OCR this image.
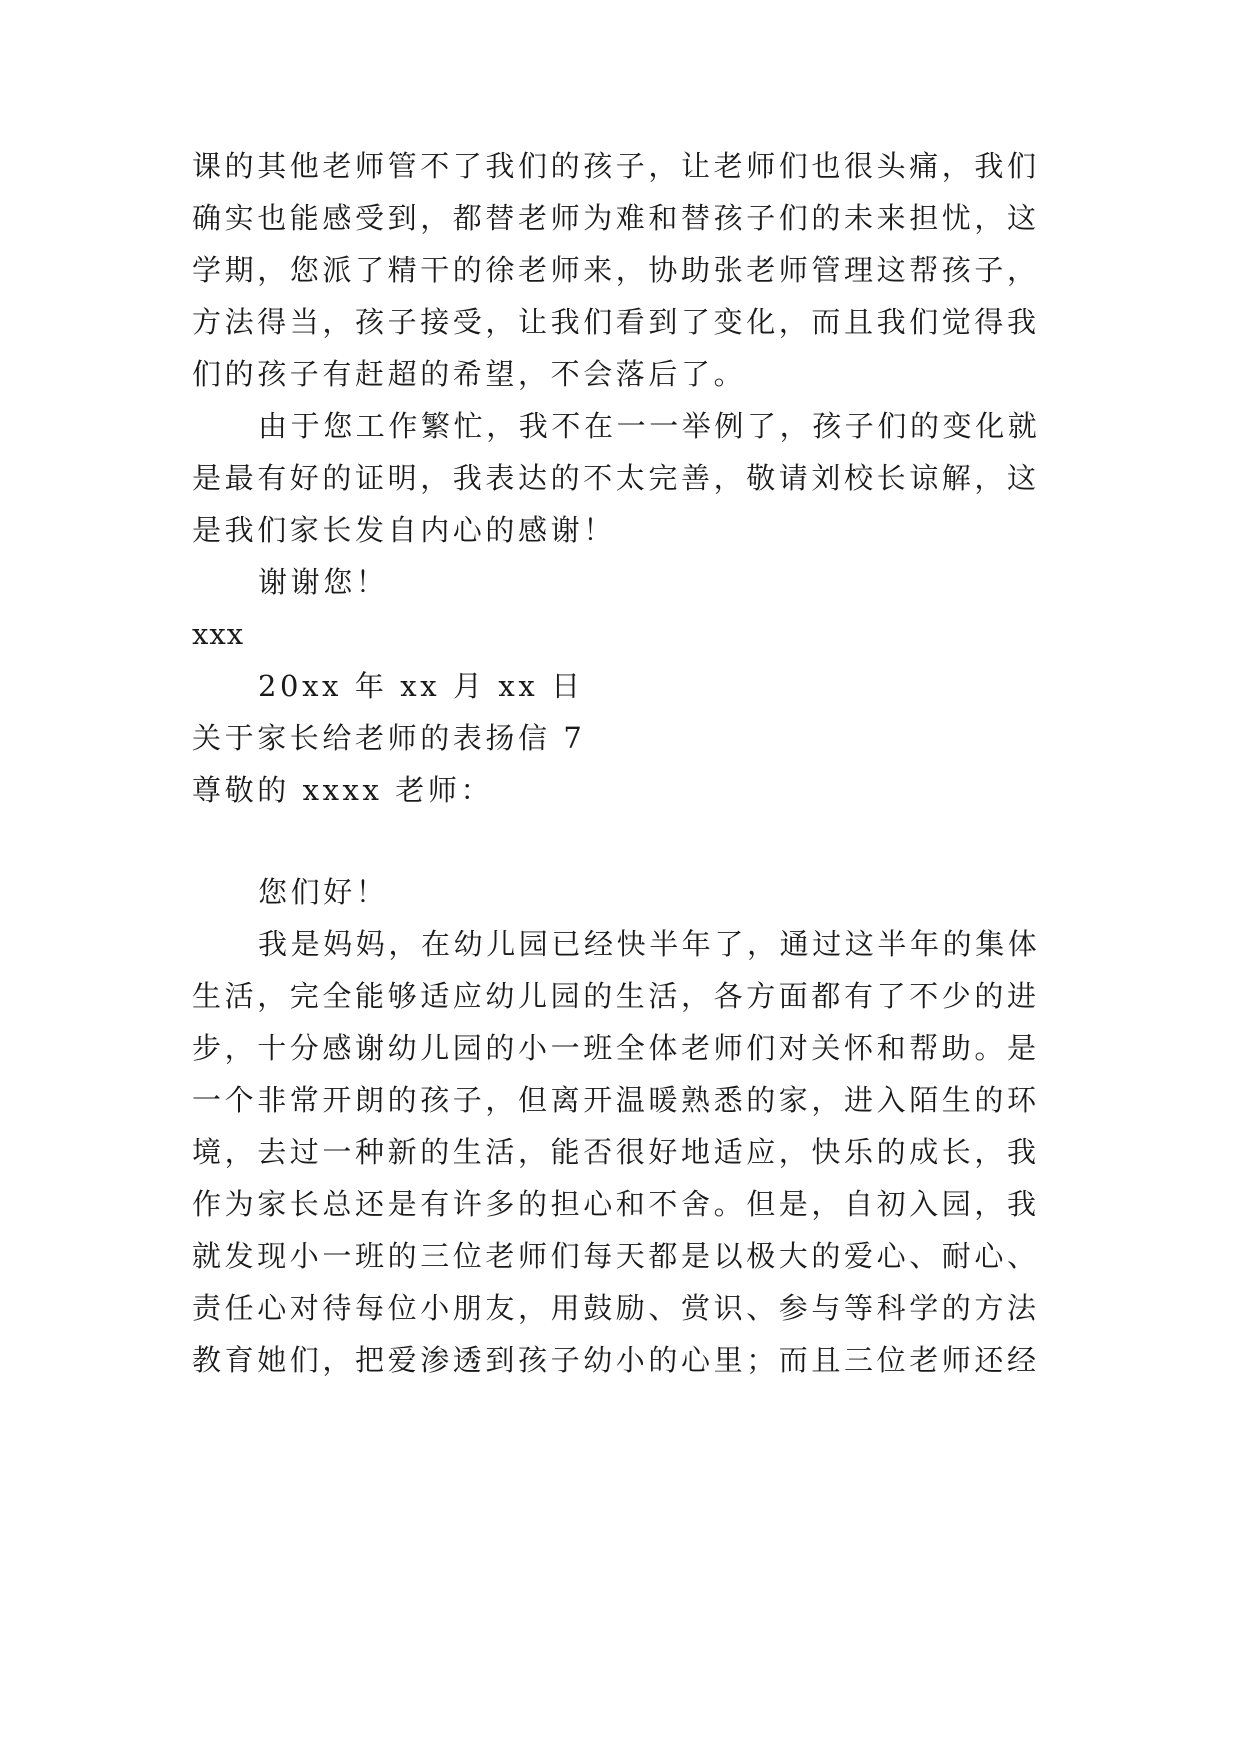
课的其他老师管不了我们的孩子，让老师们也很头痛，我们
确实也能感受到，都替老师为难和替孩子们的未来担忧，这
学期，您派了精干的徐老师来，协助张老师管理这帮孩子，
方法得当，孩子接受，让我们看到了变化，而且我们觉得我
们的孩子有赶超的希望，不会落后了。
由于您工作繁忙，我不在一一举例了，孩子们的变化就
是最有好的证明，我表达的不太完善，敬请刘校长谅解，这
是我们家长发自内心的感谢！
谢谢您！
xxx
20xx 年 xx 月 xx 日
关于家长给老师的表扬信 7
尊敬的 xxxx 老师：
您们好！
我是妈妈，在幼儿园已经快半年了，通过这半年的集体
生活，完全能够适应幼儿园的生活，各方面都有了不少的进
步，十分感谢幼儿园的小一班全体老师们对关怀和帮助。是
一个非常开朗的孩子，但离开温暖熟悉的家，进入陌生的环
境，去过一种新的生活，能否很好地适应，快乐的成长，我
作为家长总还是有许多的担心和不舍。但是，自初入园，我
就发现小一班的三位老师们每天都是以极大的爱心、耐心、
责任心对待每位小朋友，用鼓励、赏识、参与等科学的方法
教育她们，把爱渗透到孩子幼小的心里；而且三位老师还经
